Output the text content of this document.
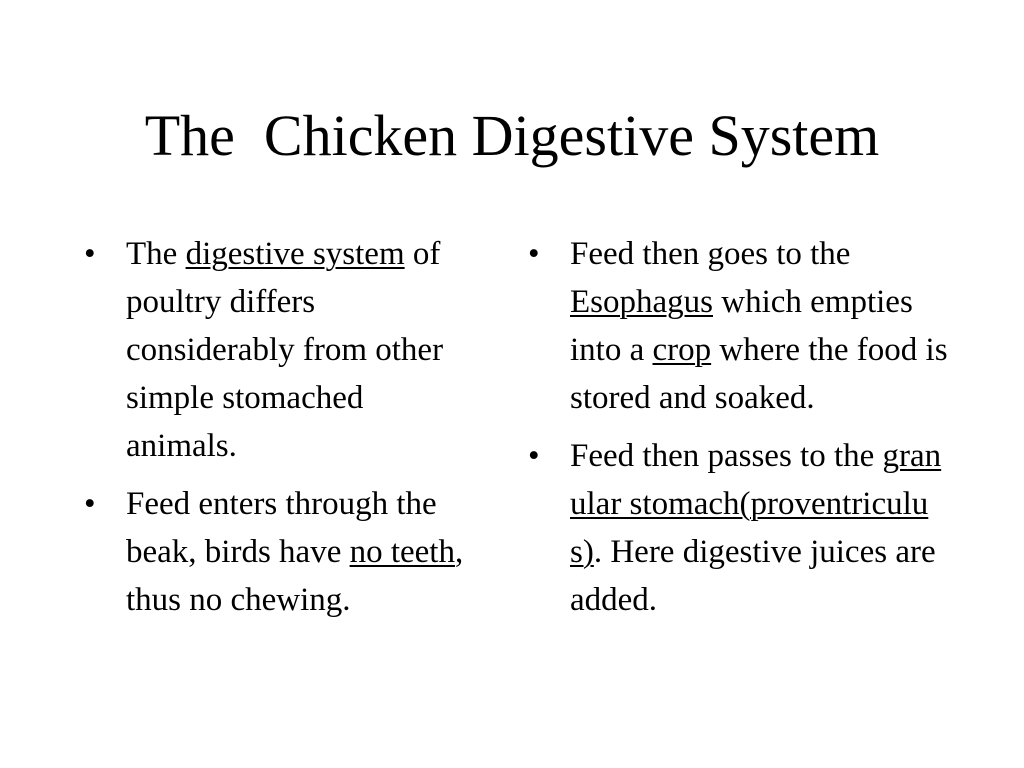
The  Chicken Digestive System
• The digestive system of poultry differs considerably from other simple stomached animals.
• Feed enters through the beak, birds have no teeth, thus no chewing.
• Feed then goes to the Esophagus which empties into a crop where the food is stored and soaked.
• Feed then passes to the granular stomach(proventriculus). Here digestive juices are added.
